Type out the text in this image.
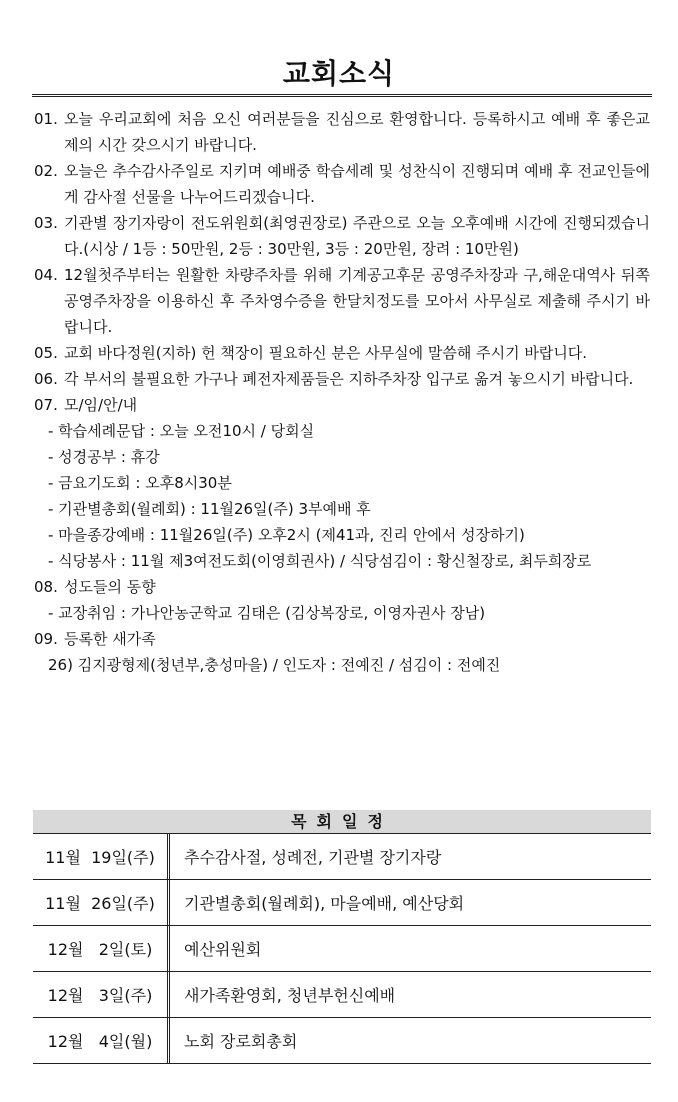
교회소식
01. 오늘 우리교회에 처음 오신 여러분들을 진심으로 환영합니다. 등록하시고 예배 후 좋은교제의 시간 갖으시기 바랍니다.
02. 오늘은 추수감사주일로 지키며 예배중 학습세례 및 성찬식이 진행되며 예배 후 전교인들에게 감사절 선물을 나누어드리겠습니다.
03. 기관별 장기자랑이 전도위원회(최영권장로) 주관으로 오늘 오후예배 시간에 진행되겠습니다.(시상 / 1등 : 50만원, 2등 : 30만원, 3등 : 20만원, 장려 : 10만원)
04. 12월첫주부터는 원활한 차량주차를 위해 기계공고후문 공영주차장과 구,해운대역사 뒤쪽 공영주차장을 이용하신 후 주차영수증을 한달치정도를 모아서 사무실로 제출해 주시기 바랍니다.
05. 교회 바다정원(지하) 헌 책장이 필요하신 분은 사무실에 말씀해 주시기 바랍니다.
06. 각 부서의 불필요한 가구나 폐전자제품들은 지하주차장 입구로 옮겨 놓으시기 바랍니다.
07. 모/임/안/내
- 학습세례문답 : 오늘 오전10시 / 당회실
- 성경공부 : 휴강
- 금요기도회 : 오후8시30분
- 기관별총회(월례회) : 11월26일(주) 3부예배 후
- 마을종강예배 : 11월26일(주) 오후2시 (제41과, 진리 안에서 성장하기)
- 식당봉사 : 11월 제3여전도회(이영희권사) / 식당섬김이 : 황신철장로, 최두희장로
08. 성도들의 동향
- 교장취임 : 가나안농군학교 김태은 (김상복장로, 이영자권사 장남)
09. 등록한 새가족
26) 김지광형제(청년부,충성마을) / 인도자 : 전예진 / 섬김이 : 전예진
목회일정
11월  19일(주)	추수감사절, 성례전, 기관별 장기자랑
11월  26일(주)	기관별총회(월례회), 마을예배, 예산당회
12월   2일(토)	예산위원회
12월   3일(주)	새가족환영회, 청년부헌신예배
12월   4일(월)	노회 장로회총회
